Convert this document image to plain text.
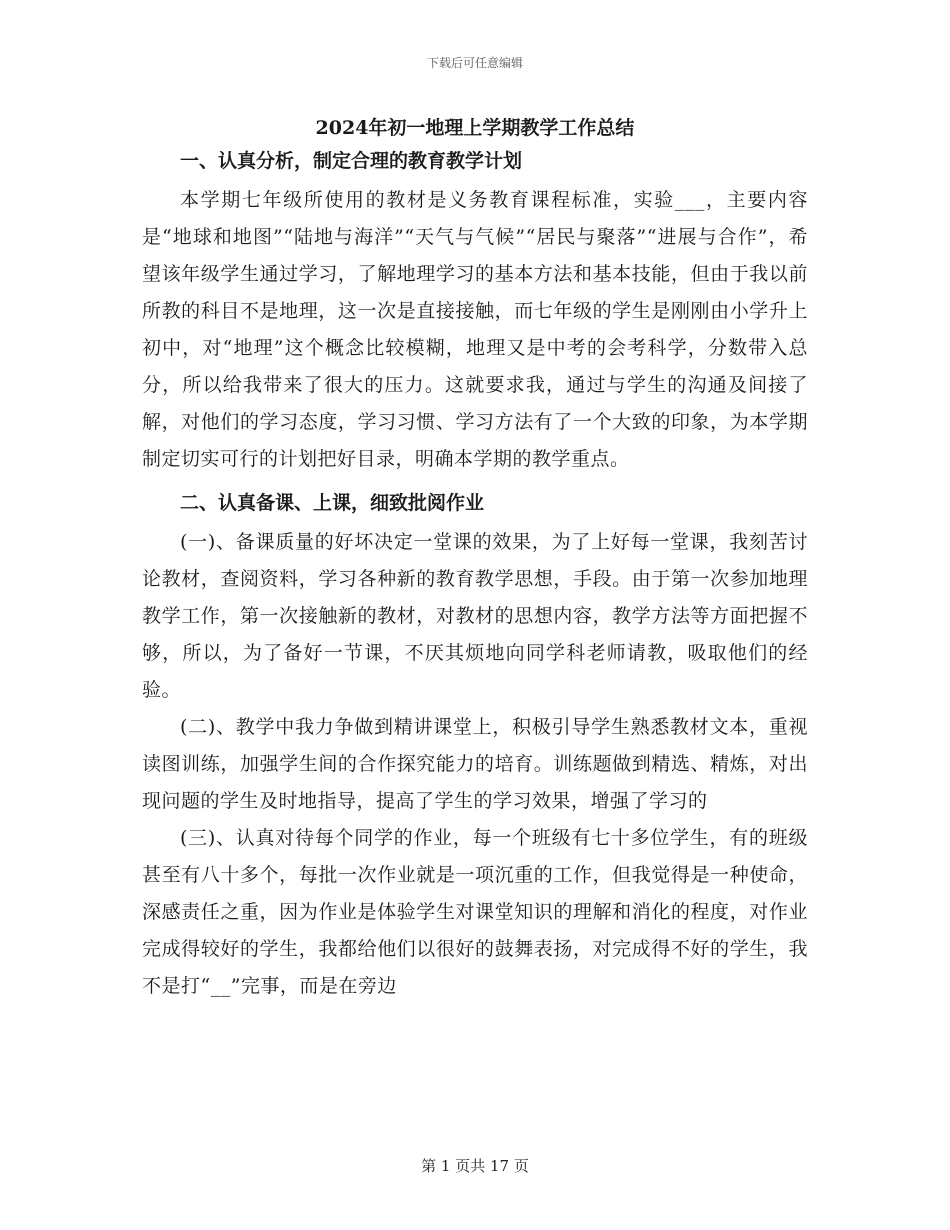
下载后可任意编辑
2024年初一地理上学期教学工作总结
一、认真分析，制定合理的教育教学计划

本学期七年级所使用的教材是义务教育课程标准，实验___，主要内容是“地球和地图”“陆地与海洋”“天气与气候”“居民与聚落”“进展与合作”，希望该年级学生通过学习，了解地理学习的基本方法和基本技能，但由于我以前所教的科目不是地理，这一次是直接接触，而七年级的学生是刚刚由小学升上初中，对“地理”这个概念比较模糊，地理又是中考的会考科学，分数带入总分，所以给我带来了很大的压力。这就要求我，通过与学生的沟通及间接了解，对他们的学习态度，学习习惯、学习方法有了一个大致的印象，为本学期制定切实可行的计划把好目录，明确本学期的教学重点。

二、认真备课、上课，细致批阅作业

(一)、备课质量的好坏决定一堂课的效果，为了上好每一堂课，我刻苦讨论教材，查阅资料，学习各种新的教育教学思想，手段。由于第一次参加地理教学工作，第一次接触新的教材，对教材的思想内容，教学方法等方面把握不够，所以，为了备好一节课，不厌其烦地向同学科老师请教，吸取他们的经验。

(二)、教学中我力争做到精讲课堂上，积极引导学生熟悉教材文本，重视读图训练，加强学生间的合作探究能力的培育。训练题做到精选、精炼，对出现问题的学生及时地指导，提高了学生的学习效果，增强了学习的

(三)、认真对待每个同学的作业，每一个班级有七十多位学生，有的班级甚至有八十多个，每批一次作业就是一项沉重的工作，但我觉得是一种使命，深感责任之重，因为作业是体验学生对课堂知识的理解和消化的程度，对作业完成得较好的学生，我都给他们以很好的鼓舞表扬，对完成得不好的学生，我不是打“__”完事，而是在旁边

第 1 页共 17 页
